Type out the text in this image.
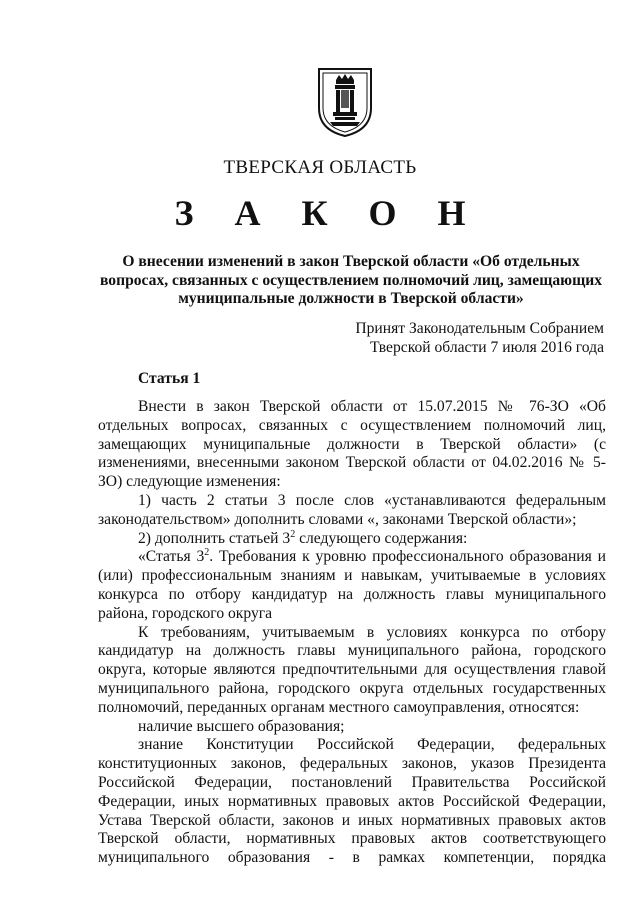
ТВЕРСКАЯ ОБЛАСТЬ
З А К О Н
О внесении изменений в закон Тверской области «Об отдельных вопросах, связанных с осуществлением полномочий лиц, замещающих муниципальные должности в Тверской области»
Принят Законодательным Собранием
Тверской области 7 июля 2016 года
Статья 1

Внести в закон Тверской области от 15.07.2015 № 76-ЗО «Об отдельных вопросах, связанных с осуществлением полномочий лиц, замещающих муниципальные должности в Тверской области» (с изменениями, внесенными законом Тверской области от 04.02.2016 № 5-ЗО) следующие изменения:

1) часть 2 статьи 3 после слов «устанавливаются федеральным законодательством» дополнить словами «, законами Тверской области»;

2) дополнить статьей $3^2$ следующего содержания:

«Статья $3^2$. Требования к уровню профессионального образования и (или) профессиональным знаниям и навыкам, учитываемые в условиях конкурса по отбору кандидатур на должность главы муниципального района, городского округа

К требованиям, учитываемым в условиях конкурса по отбору кандидатур на должность главы муниципального района, городского округа, которые являются предпочтительными для осуществления главой муниципального района, городского округа отдельных государственных полномочий, переданных органам местного самоуправления, относятся:

наличие высшего образования;

знание Конституции Российской Федерации, федеральных конституционных законов, федеральных законов, указов Президента Российской Федерации, постановлений Правительства Российской Федерации, иных нормативных правовых актов Российской Федерации, Устава Тверской области, законов и иных нормативных правовых актов Тверской области, нормативных правовых актов соответствующего муниципального образования - в рамках компетенции, порядка
